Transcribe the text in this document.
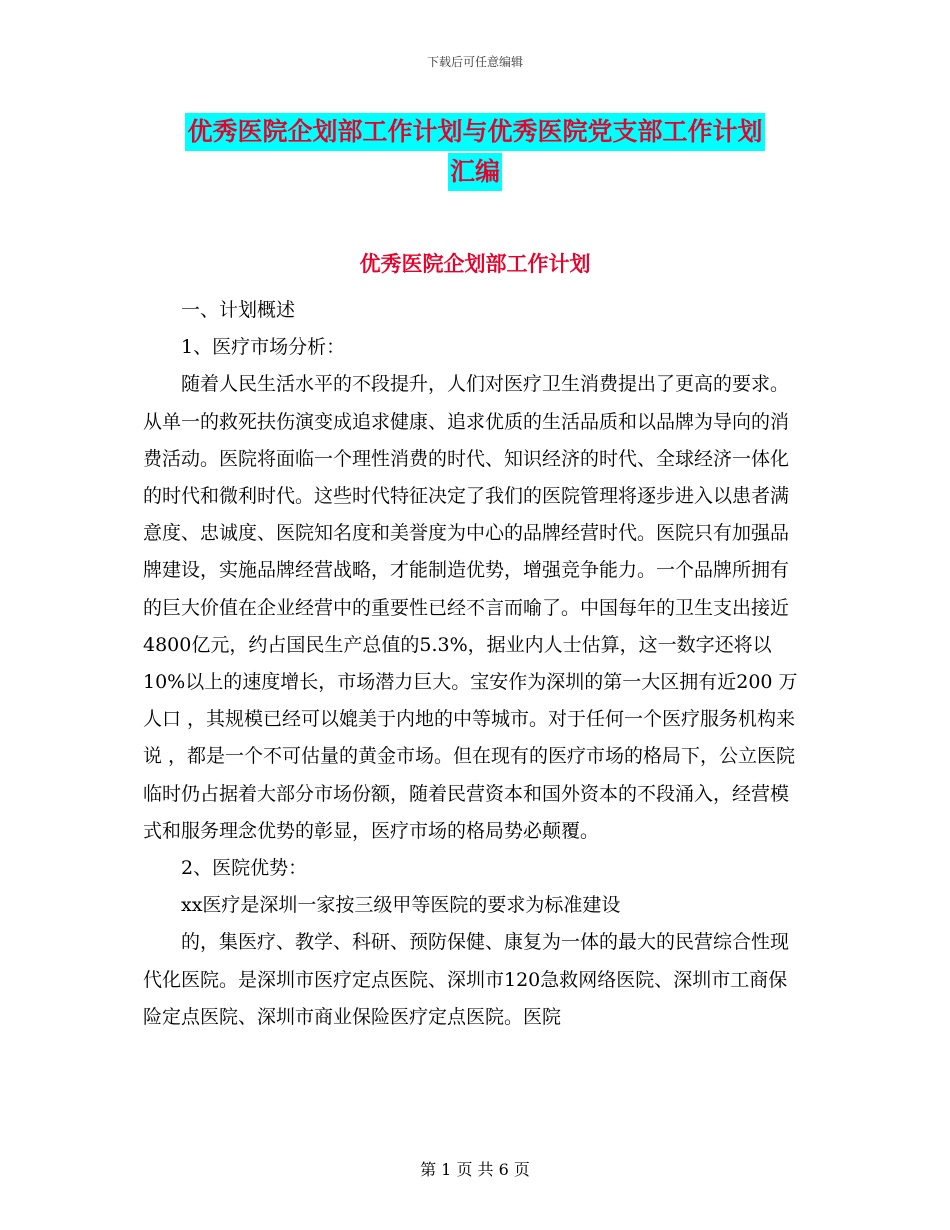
下载后可任意编辑
优秀医院企划部工作计划与优秀医院党支部工作计划
汇编
优秀医院企划部工作计划

一、计划概述

1、医疗市场分析：

随着人民生活水平的不段提升，人们对医疗卫生消费提出了更高的要求。从单一的救死扶伤演变成追求健康、追求优质的生活品质和以品牌为导向的消费活动。医院将面临一个理性消费的时代、知识经济的时代、全球经济一体化的时代和微利时代。这些时代特征决定了我们的医院管理将逐步进入以患者满意度、忠诚度、医院知名度和美誉度为中心的品牌经营时代。医院只有加强品牌建设，实施品牌经营战略，才能制造优势，增强竞争能力。一个品牌所拥有的巨大价值在企业经营中的重要性已经不言而喻了。中国每年的卫生支出接近4800亿元，约占国民生产总值的5.3%，据业内人士估算，这一数字还将以10%以上的速度增长，市场潜力巨大。宝安作为深圳的第一大区拥有近200 万人口 ，其规模已经可以媲美于内地的中等城市。对于任何一个医疗服务机构来说 ，都是一个不可估量的黄金市场。但在现有的医疗市场的格局下，公立医院临时仍占据着大部分市场份额，随着民营资本和国外资本的不段涌入，经营模式和服务理念优势的彰显，医疗市场的格局势必颠覆。

2、医院优势：

xx医疗是深圳一家按三级甲等医院的要求为标准建设

的，集医疗、教学、科研、预防保健、康复为一体的最大的民营综合性现代化医院。是深圳市医疗定点医院、深圳市120急救网络医院、深圳市工商保险定点医院、深圳市商业保险医疗定点医院。医院

第 1 页 共 6 页
